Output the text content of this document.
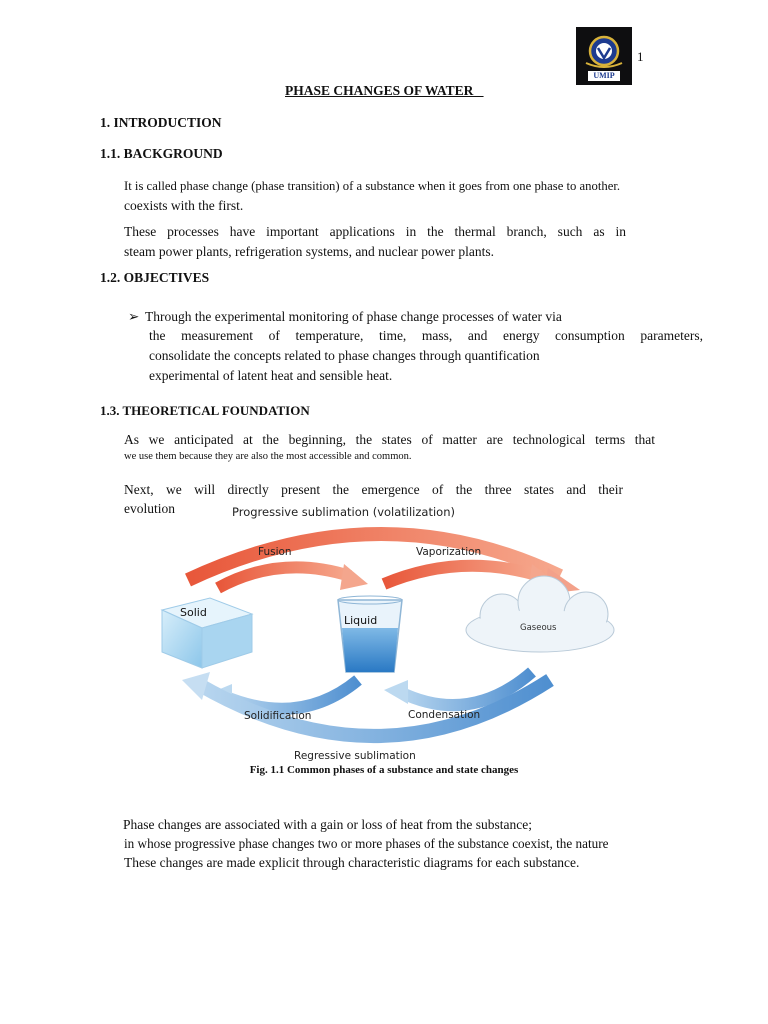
UMIP
1
PHASE CHANGES OF WATER
1. INTRODUCTION
1.1. BACKGROUND
It is called phase change (phase transition) of a substance when it goes from one phase to another.
coexists with the first.
These processes have important applications in the thermal branch, such as in
steam power plants, refrigeration systems, and nuclear power plants.
1.2. OBJECTIVES
➢ Through the experimental monitoring of phase change processes of water via
the measurement of temperature, time, mass, and energy consumption parameters,
consolidate the concepts related to phase changes through quantification
experimental of latent heat and sensible heat.
1.3. THEORETICAL FOUNDATION
As we anticipated at the beginning, the states of matter are technological terms that
we use them because they are also the most accessible and common.
Next, we will directly present the emergence of the three states and their
evolution	Progressive sublimation (volatilization)
Fusion	Vaporization
Solid
Liquid
Gaseous
Solidification	Condensation
Regressive sublimation
Fig. 1.1 Common phases of a substance and state changes
Phase changes are associated with a gain or loss of heat from the substance;
in whose progressive phase changes two or more phases of the substance coexist, the nature
These changes are made explicit through characteristic diagrams for each substance.
